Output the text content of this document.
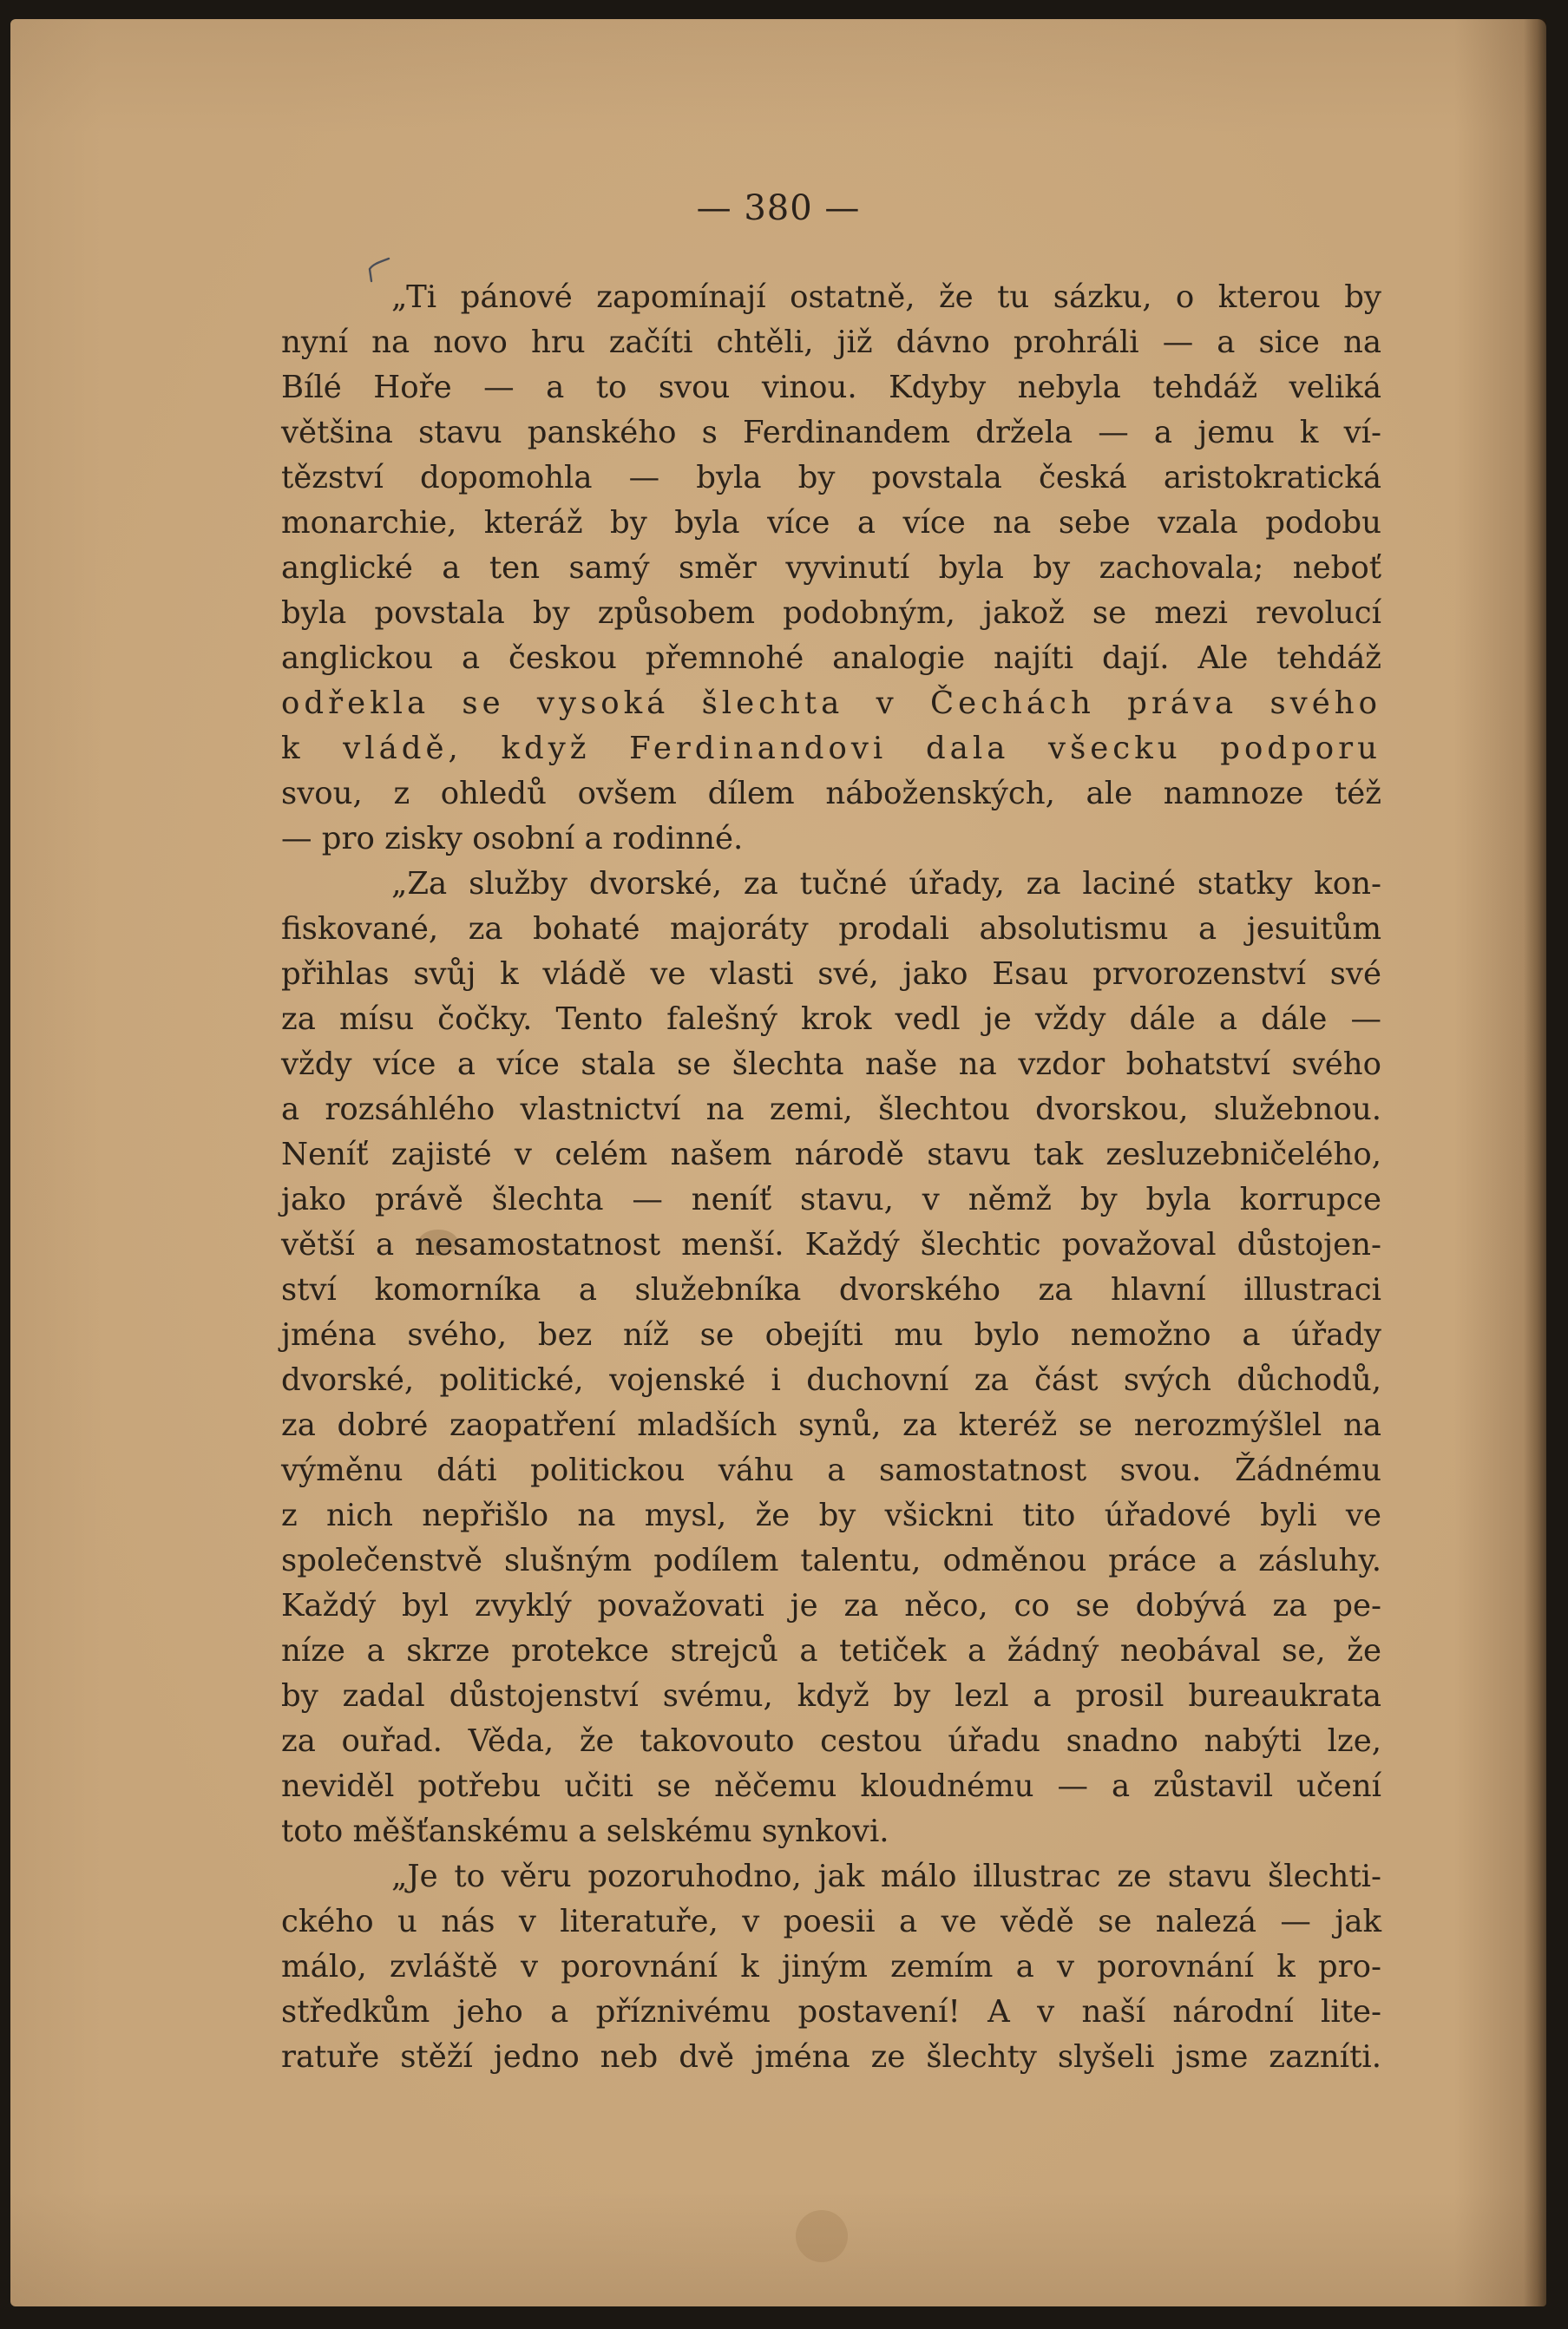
— 380 —
„Ti pánové zapomínají ostatně, že tu sázku, o kterou by
nyní na novo hru začíti chtěli, již dávno prohráli — a sice na
Bílé Hoře — a to svou vinou. Kdyby nebyla tehdáž veliká
většina stavu panského s Ferdinandem držela — a jemu k ví-
tězství dopomohla — byla by povstala česká aristokratická
monarchie, kteráž by byla více a více na sebe vzala podobu
anglické a ten samý směr vyvinutí byla by zachovala; neboť
byla povstala by způsobem podobným, jakož se mezi revolucí
anglickou a českou přemnohé analogie najíti dají. Ale tehdáž
odřekla se vysoká šlechta v Čechách práva svého
k vládě, když Ferdinandovi dala všecku podporu
svou, z ohledů ovšem dílem náboženských, ale namnoze též
— pro zisky osobní a rodinné.
„Za služby dvorské, za tučné úřady, za laciné statky kon-
fiskované, za bohaté majoráty prodali absolutismu a jesuitům
přihlas svůj k vládě ve vlasti své, jako Esau prvorozenství své
za mísu čočky. Tento falešný krok vedl je vždy dále a dále —
vždy více a více stala se šlechta naše na vzdor bohatství svého
a rozsáhlého vlastnictví na zemi, šlechtou dvorskou, služebnou.
Neníť zajisté v celém našem národě stavu tak zesluzebničelého,
jako právě šlechta — neníť stavu, v němž by byla korrupce
větší a nesamostatnost menší. Každý šlechtic považoval důstojen-
ství komorníka a služebníka dvorského za hlavní illustraci
jména svého, bez níž se obejíti mu bylo nemožno a úřady
dvorské, politické, vojenské i duchovní za část svých důchodů,
za dobré zaopatření mladších synů, za kteréž se nerozmýšlel na
výměnu dáti politickou váhu a samostatnost svou. Žádnému
z nich nepřišlo na mysl, že by všickni tito úřadové byli ve
společenstvě slušným podílem talentu, odměnou práce a zásluhy.
Každý byl zvyklý považovati je za něco, co se dobývá za pe-
níze a skrze protekce strejců a tetiček a žádný neobával se, že
by zadal důstojenství svému, když by lezl a prosil bureaukrata
za ouřad. Věda, že takovouto cestou úřadu snadno nabýti lze,
neviděl potřebu učiti se něčemu kloudnému — a zůstavil učení
toto měšťanskému a selskému synkovi.
„Je to věru pozoruhodno, jak málo illustrac ze stavu šlechti-
ckého u nás v literatuře, v poesii a ve vědě se nalezá — jak
málo, zvláště v porovnání k jiným zemím a v porovnání k pro-
středkům jeho a příznivému postavení! A v naší národní lite-
ratuře stěží jedno neb dvě jména ze šlechty slyšeli jsme zazníti.
